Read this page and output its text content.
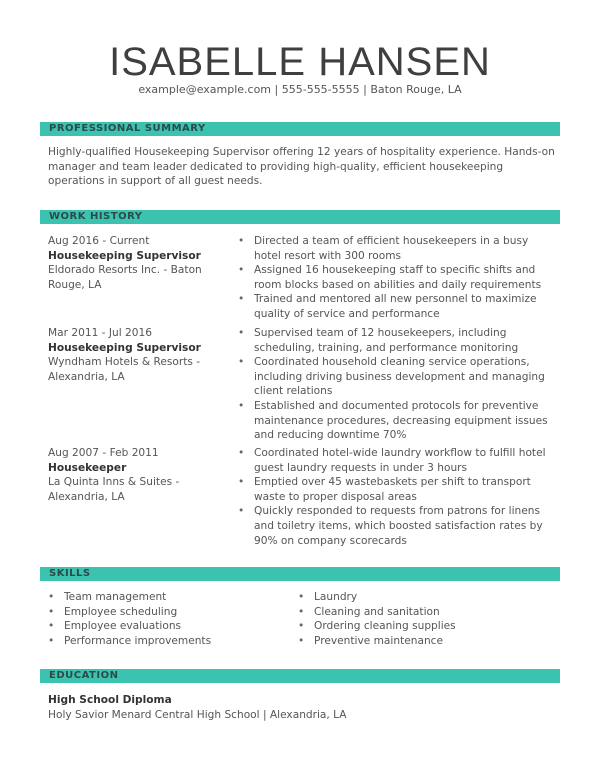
ISABELLE HANSEN
example@example.com | 555-555-5555 | Baton Rouge, LA
PROFESSIONAL SUMMARY
Highly-qualified Housekeeping Supervisor offering 12 years of hospitality experience. Hands-on manager and team leader dedicated to providing high-quality, efficient housekeeping operations in support of all guest needs.
WORK HISTORY
Aug 2016 - Current
Housekeeping Supervisor
Eldorado Resorts Inc. - Baton Rouge, LA
• Directed a team of efficient housekeepers in a busy hotel resort with 300 rooms
• Assigned 16 housekeeping staff to specific shifts and room blocks based on abilities and daily requirements
• Trained and mentored all new personnel to maximize quality of service and performance
Mar 2011 - Jul 2016
Housekeeping Supervisor
Wyndham Hotels & Resorts - Alexandria, LA
• Supervised team of 12 housekeepers, including scheduling, training, and performance monitoring
• Coordinated household cleaning service operations, including driving business development and managing client relations
• Established and documented protocols for preventive maintenance procedures, decreasing equipment issues and reducing downtime 70%
Aug 2007 - Feb 2011
Housekeeper
La Quinta Inns & Suites - Alexandria, LA
• Coordinated hotel-wide laundry workflow to fulfill hotel guest laundry requests in under 3 hours
• Emptied over 45 wastebaskets per shift to transport waste to proper disposal areas
• Quickly responded to requests from patrons for linens and toiletry items, which boosted satisfaction rates by 90% on company scorecards
SKILLS
• Team management
• Employee scheduling
• Employee evaluations
• Performance improvements
• Laundry
• Cleaning and sanitation
• Ordering cleaning supplies
• Preventive maintenance
EDUCATION
High School Diploma
Holy Savior Menard Central High School | Alexandria, LA
